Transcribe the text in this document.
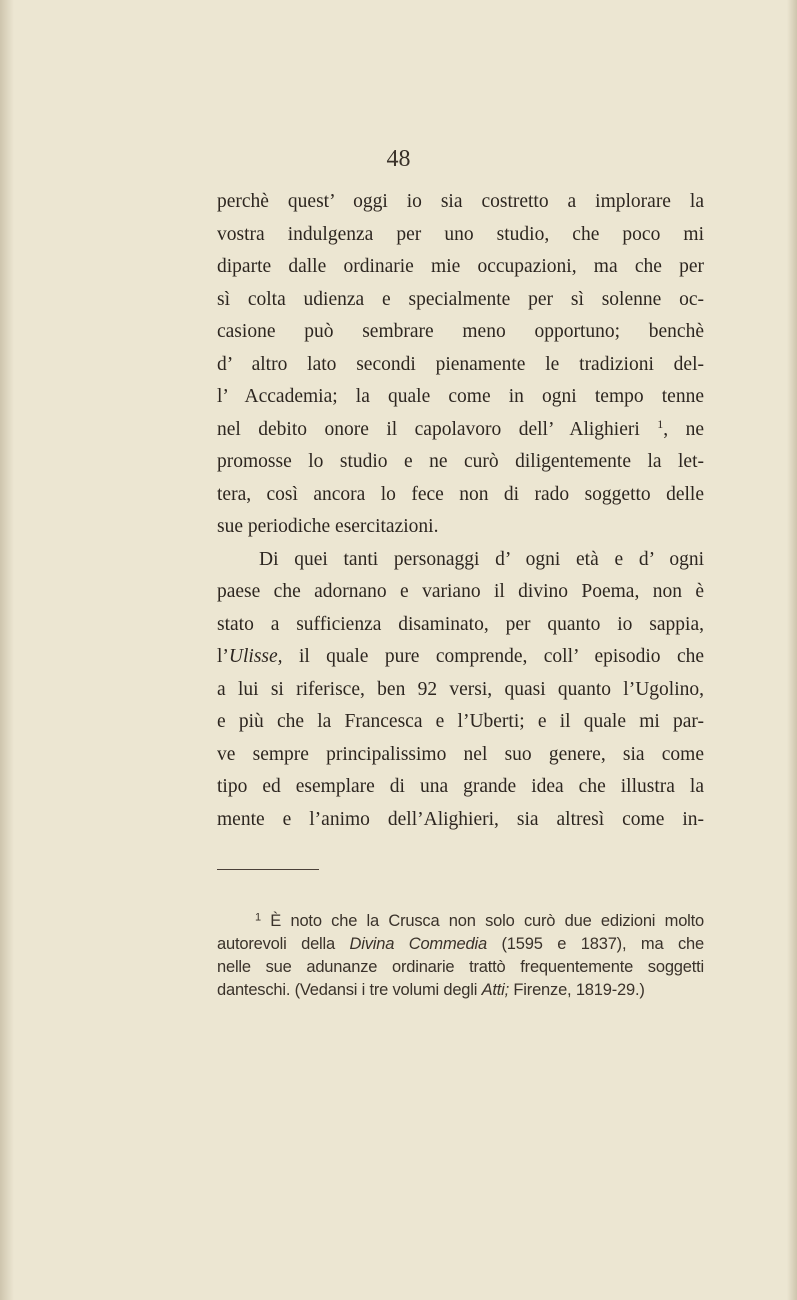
48
perchè quest’ oggi io sia costretto a implorare la
vostra indulgenza per uno studio, che poco mi
diparte dalle ordinarie mie occupazioni, ma che per
sì colta udienza e specialmente per sì solenne oc-
casione può sembrare meno opportuno; benchè
d’ altro lato secondi pienamente le tradizioni del-
l’ Accademia; la quale come in ogni tempo tenne
nel debito onore il capolavoro dell’ Alighieri $^1$, ne
promosse lo studio e ne curò diligentemente la let-
tera, così ancora lo fece non di rado soggetto delle
sue periodiche esercitazioni.
Di quei tanti personaggi d’ ogni età e d’ ogni
paese che adornano e variano il divino Poema, non è
stato a sufficienza disaminato, per quanto io sappia,
l’Ulisse, il quale pure comprende, coll’ episodio che
a lui si riferisce, ben 92 versi, quasi quanto l’Ugolino,
e più che la Francesca e l’Uberti; e il quale mi par-
ve sempre principalissimo nel suo genere, sia come
tipo ed esemplare di una grande idea che illustra la
mente e l’animo dell’Alighieri, sia altresì come in-
$^1$ È noto che la Crusca non solo curò due edizioni molto
autorevoli della Divina Commedia (1595 e 1837), ma che
nelle sue adunanze ordinarie trattò frequentemente soggetti
danteschi. (Vedansi i tre volumi degli Atti; Firenze, 1819-29.)
